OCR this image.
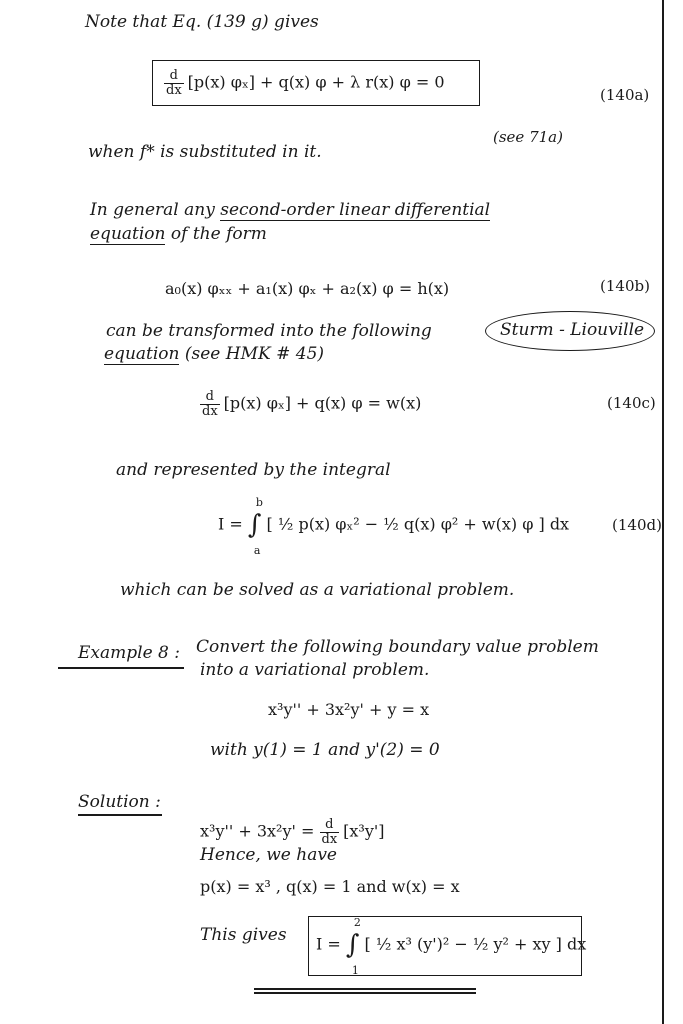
Note that Eq. (139 g) gives
$\frac{d}{dx} [p(x) \varphi_x] + q(x) \varphi + \lambda$ r(x) φ = 0
(140a)
(see 71a)
when f* is substituted in it.
In general any second-order linear differential
equation of the form
a₀(x) φₓₓ + a₁(x) φₓ + a₂(x) φ = h(x)	(140b)
can be transformed into the following	Sturm - Liouville
equation (see HMK # 45)
$\frac{d}{dx} [p(x) \varphi_x] + q(x) \varphi = w(x)$	(140c)
and represented by the integral
I = ∫
b
a
[ ½ p(x) φₓ² − ½ q(x) φ² + w(x) φ ] dx	(140d)
which can be solved as a variational problem.
Example 8 : Convert the following boundary value problem
into a variational problem.
x³y'' + 3x²y' + y = x
with y(1) = 1 and y'(2) = 0
Solution :
$x^3y'' + 3x^2y' = \frac{d}{dx} [x^3y']$
Hence, we have
p(x) = x³ , q(x) = 1 and w(x) = x
This gives I = ∫
2
1
[ ½ x³ (y')² − ½ y² + xy ] dx
